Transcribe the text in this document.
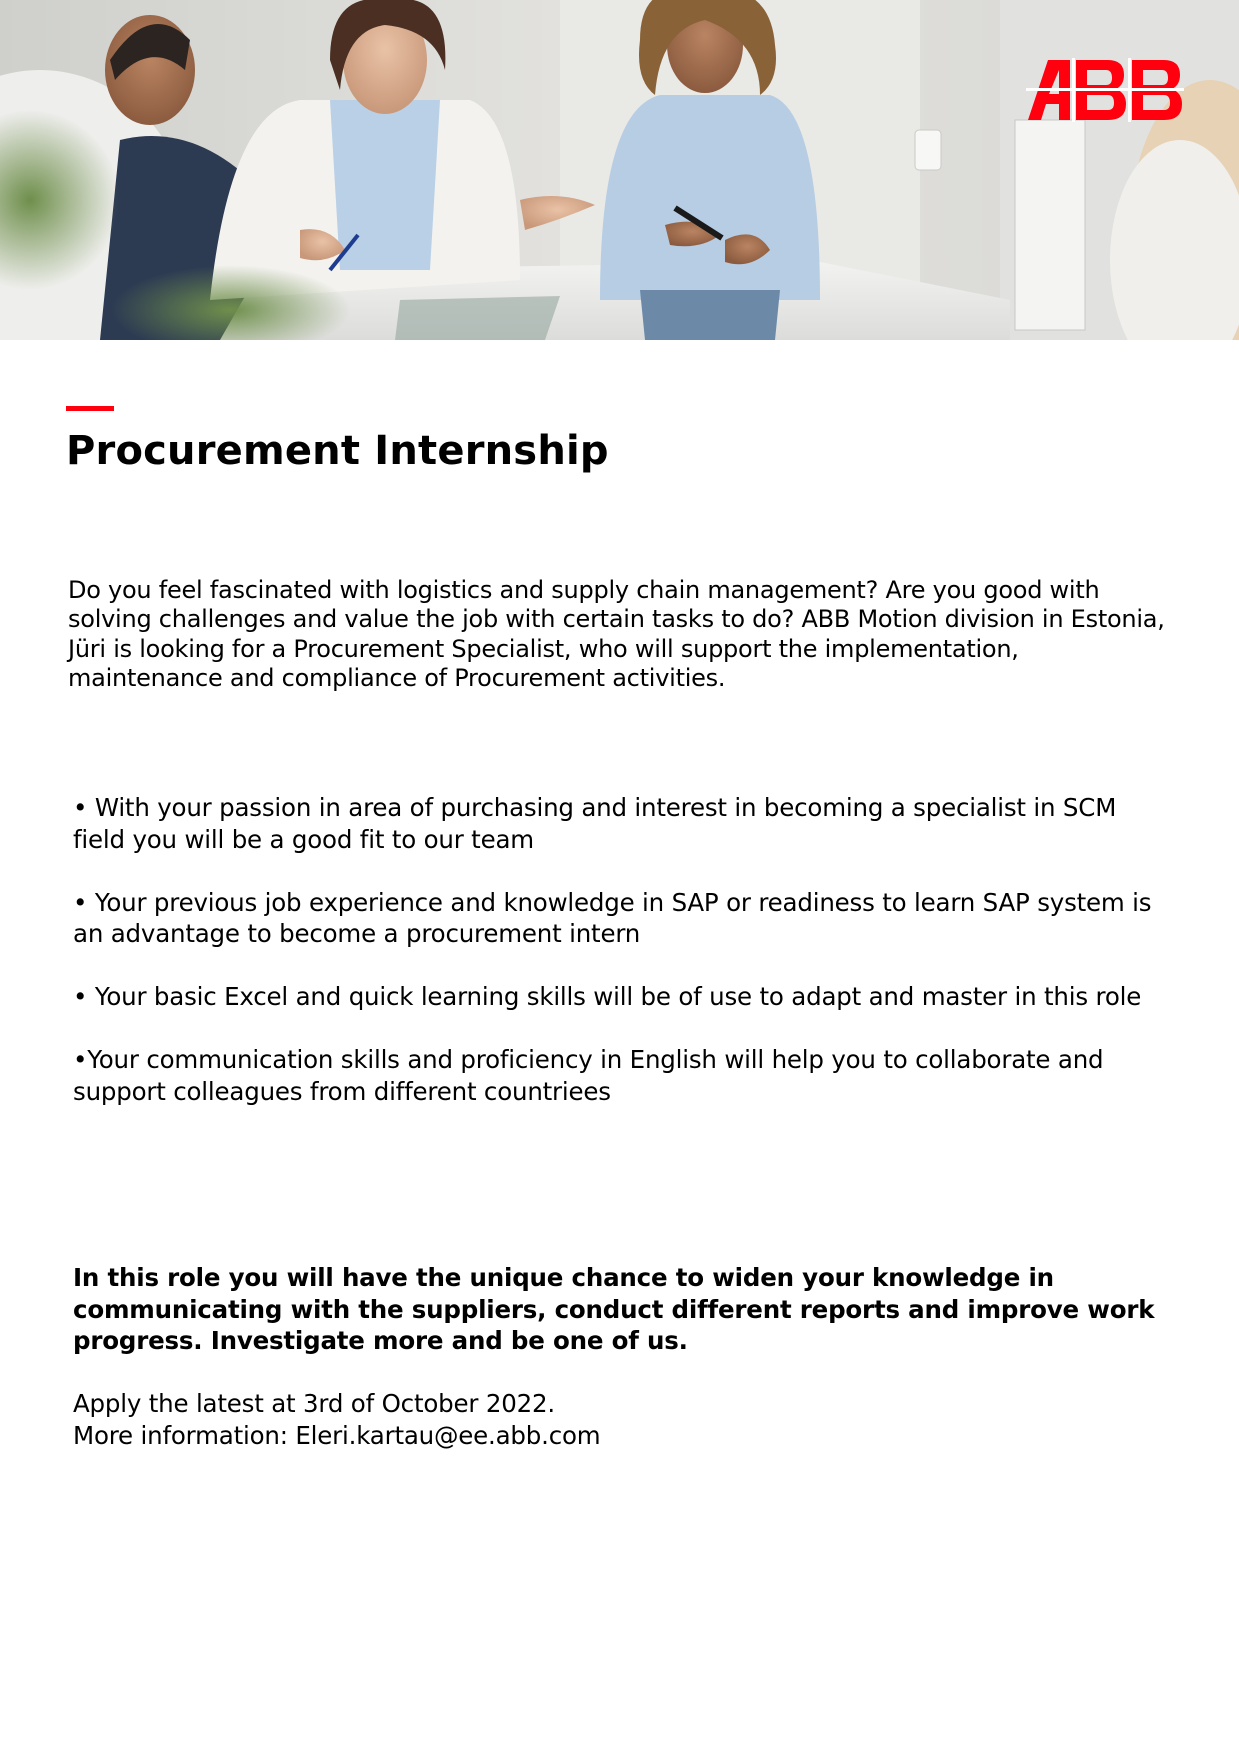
Procurement Internship

Do you feel fascinated with logistics and supply chain management? Are you good with solving challenges and value the job with certain tasks to do? ABB Motion division in Estonia, Jüri is looking for a Procurement Specialist, who will support the implementation, maintenance and compliance of Procurement activities.

• With your passion in area of purchasing and interest in becoming a specialist in SCM field you will be a good fit to our team
• Your previous job experience and knowledge in SAP or readiness to learn SAP system is an advantage to become a procurement intern
• Your basic Excel and quick learning skills will be of use to adapt and master in this role
•Your communication skills and proficiency in English will help you to collaborate and support colleagues from different countriees

In this role you will have the unique chance to widen your knowledge in communicating with the suppliers, conduct different reports and improve work progress. Investigate more and be one of us.

Apply the latest at 3rd of October 2022.

More information: Eleri.kartau@ee.abb.com
